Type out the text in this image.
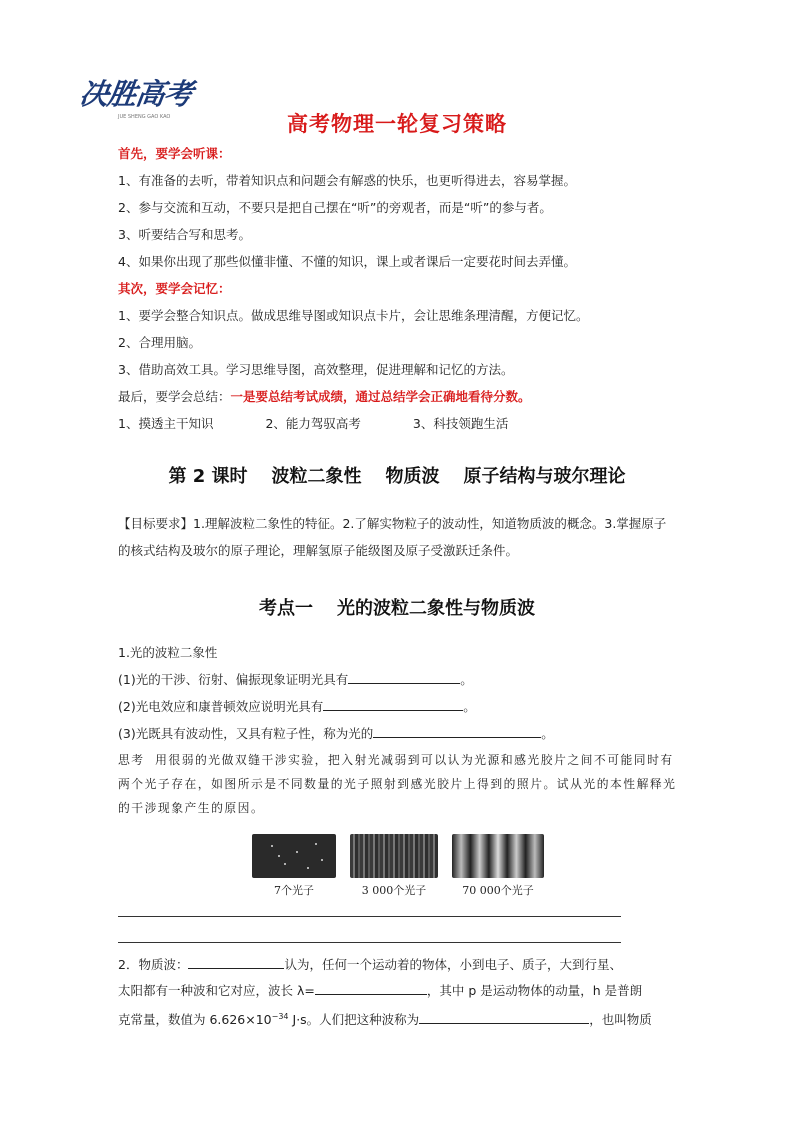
决胜高考
JUE SHENG GAO KAO	高考物理一轮复习策略
首先，要学会听课：
1、有准备的去听，带着知识点和问题会有解惑的快乐，也更听得进去，容易掌握。
2、参与交流和互动，不要只是把自己摆在“听”的旁观者，而是“听”的参与者。
3、听要结合写和思考。
4、如果你出现了那些似懂非懂、不懂的知识，课上或者课后一定要花时间去弄懂。
其次，要学会记忆：
1、要学会整合知识点。做成思维导图或知识点卡片，会让思维条理清醒，方便记忆。
2、合理用脑。
3、借助高效工具。学习思维导图，高效整理，促进理解和记忆的方法。
最后，要学会总结：一是要总结考试成绩，通过总结学会正确地看待分数。
1、摸透主干知识	2、能力驾驭高考	3、科技领跑生活
第 2 课时 波粒二象性 物质波 原子结构与玻尔理论
【目标要求】1.理解波粒二象性的特征。2.了解实物粒子的波动性，知道物质波的概念。3.掌握原子的核式结构及玻尔的原子理论，理解氢原子能级图及原子受激跃迁条件。
考点一 光的波粒二象性与物质波
1.光的波粒二象性
(1)光的干涉、衍射、偏振现象证明光具有	。
(2)光电效应和康普顿效应说明光具有	。
(3)光既具有波动性，又具有粒子性，称为光的	。
思考 用很弱的光做双缝干涉实验，把入射光减弱到可以认为光源和感光胶片之间不可能同时有两个光子存在，如图所示是不同数量的光子照射到感光胶片上得到的照片。试从光的本性解释光的干涉现象产生的原因。
7个光子	3 000个光子	70 000个光子
2．物质波：	认为，任何一个运动着的物体，小到电子、质子，大到行星、
太阳都有一种波和它对应，波长 λ=	，其中 p 是运动物体的动量，h 是普朗
克常量，数值为 $6.626\times 10^{-34}$ J·s。人们把这种波称为	，也叫物质
